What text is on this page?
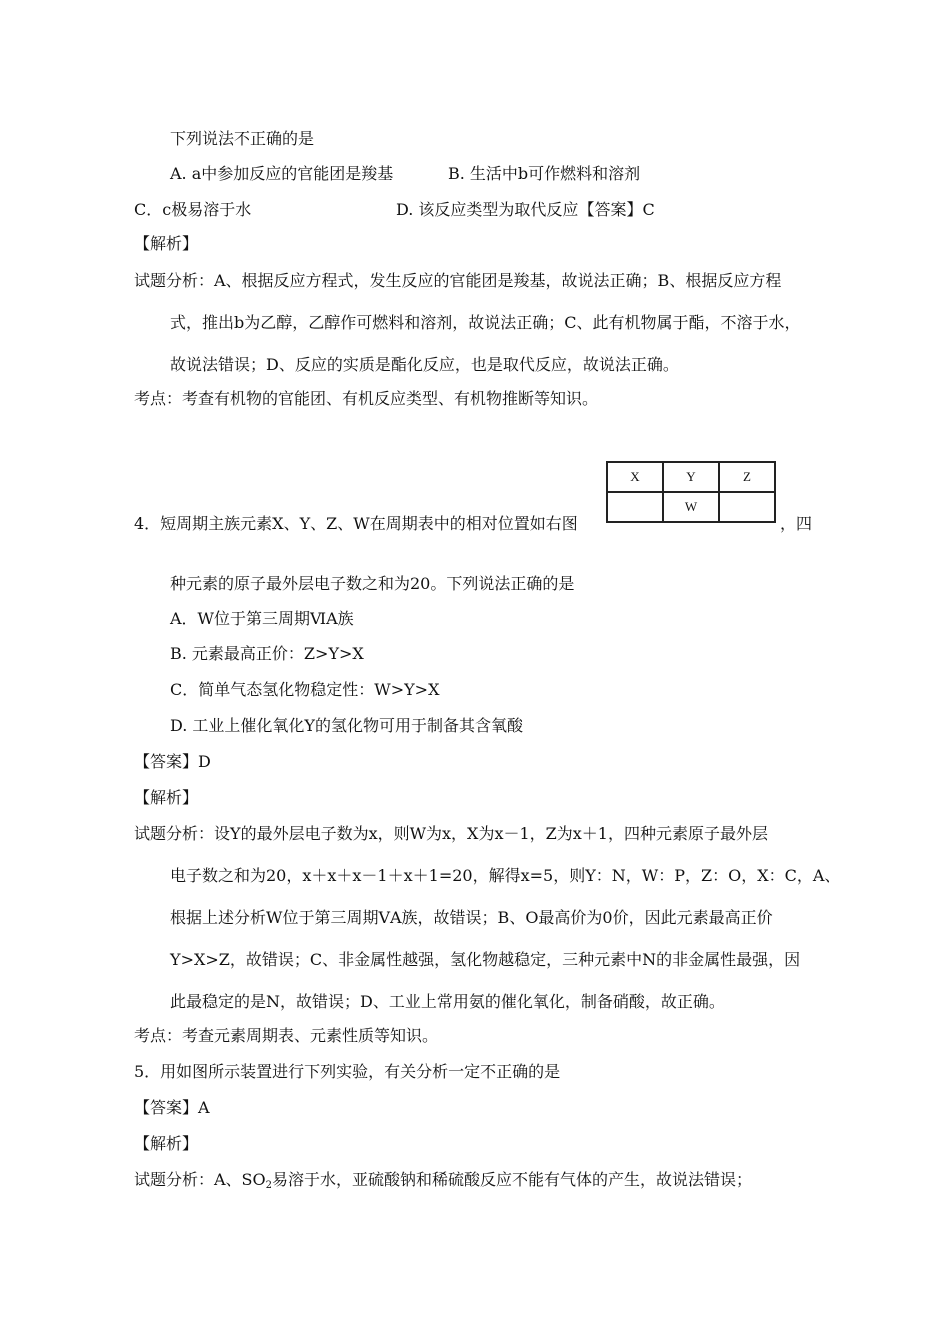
下列说法不正确的是
A. a中参加反应的官能团是羧基	B. 生活中b可作燃料和溶剂
C．c极易溶于水	D. 该反应类型为取代反应【答案】C
【解析】
试题分析：A、根据反应方程式，发生反应的官能团是羧基，故说法正确；B、根据反应方程
式，推出b为乙醇，乙醇作可燃料和溶剂，故说法正确；C、此有机物属于酯，不溶于水，
故说法错误；D、反应的实质是酯化反应，也是取代反应，故说法正确。
考点：考查有机物的官能团、有机反应类型、有机物推断等知识。
4．短周期主族元素X、Y、Z、W在周期表中的相对位置如右图
X	Y	Z
	W	
，四
种元素的原子最外层电子数之和为20。下列说法正确的是
A．W位于第三周期ⅥA族
B. 元素最高正价：Z>Y>X
C．简单气态氢化物稳定性：W>Y>X
D. 工业上催化氧化Y的氢化物可用于制备其含氧酸
【答案】D
【解析】
试题分析：设Y的最外层电子数为x，则W为x，X为x－1，Z为x＋1，四种元素原子最外层
电子数之和为20，x＋x＋x－1＋x＋1=20，解得x=5，则Y：N，W：P，Z：O，X：C，A、
根据上述分析W位于第三周期ⅤA族，故错误；B、O最高价为0价，因此元素最高正价
Y>X>Z，故错误；C、非金属性越强，氢化物越稳定，三种元素中N的非金属性最强，因
此最稳定的是N，故错误；D、工业上常用氨的催化氧化，制备硝酸，故正确。
考点：考查元素周期表、元素性质等知识。
5．用如图所示装置进行下列实验，有关分析一定不正确的是
【答案】A
【解析】
试题分析：A、$SO_2$易溶于水，亚硫酸钠和稀硫酸反应不能有气体的产生，故说法错误；
